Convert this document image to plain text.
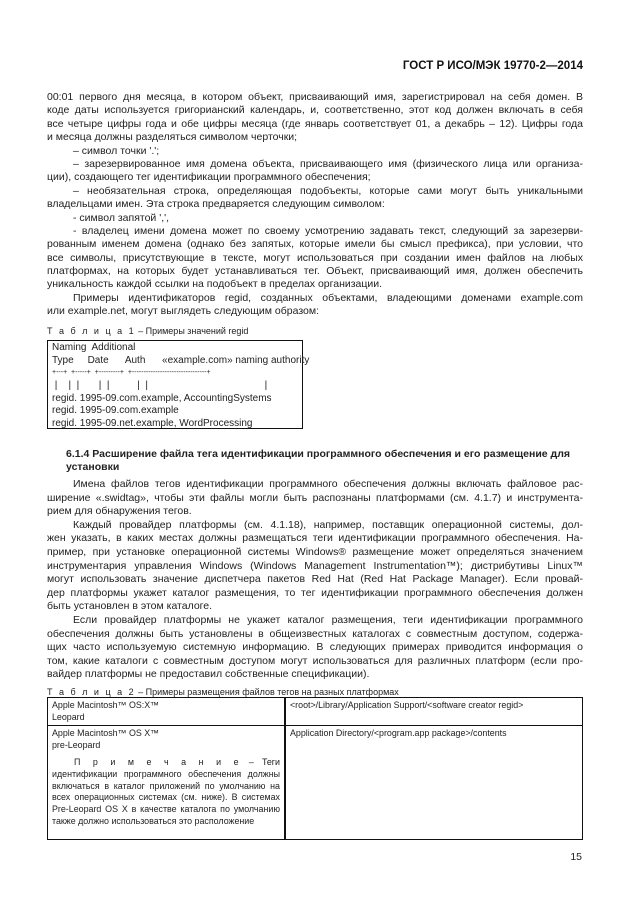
ГОСТ Р ИСО/МЭК 19770-2—2014
00:01 первого дня месяца, в котором объект, присваивающий имя, зарегистрировал на себя домен. В
коде даты используется григорианский календарь, и, соответственно, этот код должен включать в себя
все четыре цифры года и обе цифры месяца (где январь соответствует 01, а декабрь – 12). Цифры года
и месяца должны разделяться символом черточки;
– символ точки '.';
– зарезервированное имя домена объекта, присваивающего имя (физического лица или организа-
ции), создающего тег идентификации программного обеспечения;
– необязательная строка, определяющая подобъекты, которые сами могут быть уникальными
владельцами имен. Эта строка предваряется следующим символом:
- символ запятой ',',
- владелец имени домена может по своему усмотрению задавать текст, следующий за зарезерви-
рованным именем домена (однако без запятых, которые имели бы смысл префикса), при условии, что
все символы, присутствующие в тексте, могут использоваться при создании имен файлов на любых
платформах, на которых будет устанавливаться тег. Объект, присваивающий имя, должен обеспечить
уникальность каждой ссылки на подобъект в пределах организации.
Примеры идентификаторов regid, созданных объектами, владеющими доменами example.com
или example.net, могут выглядеть следующим образом:
Т а б л и ц а 1 – Примеры значений regid
Naming  Additional
Type     Date      Auth      «example.com» naming authority
+---+  +-----+  +---------+  +--------------------------------+
|    |  |       |  |          |  |                                          |
regid. 1995-09.com.example, AccountingSystems
regid. 1995-09.com.example
regid. 1995-09.net.example, WordProcessing
6.1.4 Расширение файла тега идентификации программного обеспечения и его размещение для установки
Имена файлов тегов идентификации программного обеспечения должны включать файловое рас-
ширение «.swidtag», чтобы эти файлы могли быть распознаны платформами (см. 4.1.7) и инструмента-
рием для обнаружения тегов.
Каждый провайдер платформы (см. 4.1.18), например, поставщик операционной системы, дол-
жен указать, в каких местах должны размещаться теги идентификации программного обеспечения. На-
пример, при установке операционной системы Windows® размещение может определяться значением
инструментария управления Windows (Windows Management Instrumentation™); дистрибутивы Linux™
могут использовать значение диспетчера пакетов Red Hat (Red Hat Package Manager). Если провай-
дер платформы укажет каталог размещения, то тег идентификации программного обеспечения должен
быть установлен в этом каталоге.
Если провайдер платформы не укажет каталог размещения, теги идентификации программного
обеспечения должны быть установлены в общеизвестных каталогах с совместным доступом, содержа-
щих часто используемую системную информацию. В следующих примерах приводится информация о
том, какие каталоги с совместным доступом могут использоваться для различных платформ (если про-
вайдер платформы не предоставил собственные спецификации).
Т а б л и ц а 2 – Примеры размещения файлов тегов на разных платформах
Apple Macintosh™ OS:X™
Leopard	<root>/Library/Application Support/<software creator regid>

Apple Macintosh™ OS X™
pre-Leopard
П р и м е ч а н и е – Теги идентификации программного обеспечения должны включаться в каталог приложений по умолчанию на всех операционных системах (см. ниже). В системах Pre-Leopard OS X в качестве каталога по умолчанию также должно использоваться это расположение	Application Directory/<program.app package>/contents
15
